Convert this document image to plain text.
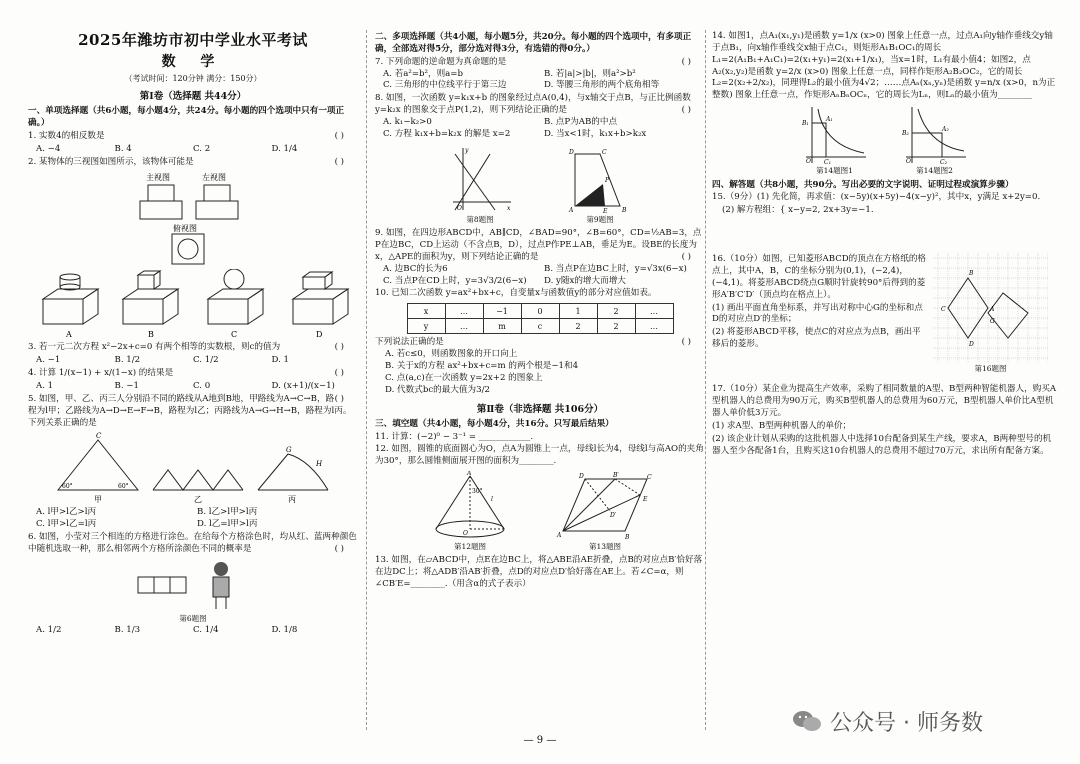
2025年潍坊市初中学业水平考试
数 学
（考试时间：120分钟 满分：150分）
第Ⅰ卷（选择题 共44分）
一、单项选择题（共6小题，每小题4分，共24分。每小题的四个选项中只有一项正确。）
( )
1. 实数4的相反数是
A. −4	B. 4	C. 2	D. 1/4
( )
2. 某物体的三视图如图所示，该物体可能是
主视图	左视图
俯视图
A	B	C	D
( )
3. 若一元二次方程 x²−2x+c=0 有两个相等的实数根，则c的值为
A. −1	B. 1/2	C. 1/2	D. 1
( )
4. 计算 1/(x−1) + x/(1−x) 的结果是
A. 1	B. −1	C. 0	D. (x+1)/(x−1)
( )
5. 如图，甲、乙、丙三人分别沿不同的路线从A地到B地，甲路线为A→C→B，路程为l甲；乙路线为A→D→E→F→B，路程为l乙；丙路线为A→G→H→B，路程为l丙。下列关系正确的是
C
G
H
60°	60°
甲	乙	丙
A. l甲>l乙>l丙	B. l乙>l甲>l丙
C. l甲>l乙=l丙	D. l乙=l甲>l丙
6. 如图，小莹对三个相连的方格进行涂色。在给每个方格涂色时，均从红、蓝两种颜色中随机选取一种，那么相邻两个方格所涂颜色不同的概率是	( )
第6题图
A. 1/2	B. 1/3	C. 1/4	D. 1/8
二、多项选择题（共4小题，每小题5分，共20分。每小题的四个选项中，有多项正确，全部选对得5分，部分选对得3分，有选错的得0分。）
( )
7. 下列命题的逆命题为真命题的是
A. 若a²=b²，则a=b	B. 若|a|>|b|，则a²>b²
C. 三角形的中位线平行于第三边	D. 等腰三角形的两个底角相等
8. 如图，一次函数 y=k₁x+b 的图象经过点A(0,4)，与x轴交于点B，与正比例函数 y=k₂x 的图象交于点P(1,2)，则下列结论正确的是	( )
A. k₁−k₂>0	B. 点P为AB的中点
C. 方程 k₁x+b=k₂x 的解是 x=2	D. 当x<1时，k₁x+b>k₂x
O	x
y
第8题图
D	C
A	B
P
E
第9题图
9. 如图，在四边形ABCD中，AB∥CD，∠BAD=90°，∠B=60°，CD=½AB=3，点P在边BC，CD上运动（不含点B，D），过点P作PE⊥AB，垂足为E。设BE的长度为x，△APE的面积为y，则下列结论正确的是	( )
A. 边BC的长为6	B. 当点P在边BC上时，y=√3x(6−x)
C. 当点P在CD上时，y=3√3/2(6−x)	D. y随x的增大而增大
10. 已知二次函数 y=ax²+bx+c，自变量x与函数值y的部分对应值如表。
x	…	−1	0	1	2	…
y	…	m	c	2	2	…
( )
下列说法正确的是
A. 若c≤0，则函数图象的开口向上
B. 关于x的方程 ax²+bx+c=m 的两个根是−1和4
C. 点(a,c)在一次函数 y=2x+2 的图象上
D. 代数式bc的最大值为3/2
第Ⅱ卷（非选择题 共106分）
三、填空题（共4小题，每小题4分，共16分。只写最后结果）
11. 计算：(−2)⁰ − 3⁻¹ = ____________.
12. 如图，圆锥的底面圆心为O，点A为圆锥上一点，母线l长为4，母线l与高AO的夹角为30°，那么圆锥侧面展开图的面积为________.
30°
A
O
l
第12题图
A	B
C
D	B′
E
D′
第13题图
13. 如图，在▱ABCD中，点E在边BC上，将△ABE沿AE折叠，点B的对应点B′恰好落在边DC上；将△ADB′沿AB′折叠，点D的对应点D′恰好落在AE上。若∠C=α，则∠CB′E=________.（用含α的式子表示）
14. 如图1，点A₁(x₁,y₁)是函数 y=1/x (x>0) 图象上任意一点，过点A₁向y轴作垂线交y轴于点B₁，向x轴作垂线交x轴于点C₁，则矩形A₁B₁OC₁的周长 L₁=2(A₁B₁+A₁C₁)=2(x₁+y₁)=2(x₁+1/x₁)，当x=1时，L₁有最小值4；如图2，点A₂(x₂,y₂)是函数 y=2/x (x>0) 图象上任意一点，同样作矩形A₂B₂OC₂，它的周长 L₂=2(x₂+2/x₂)，同理得L₂的最小值为4√2；……点Aₙ(xₙ,yₙ)是函数 y=n/x (x>0，n为正整数) 图象上任意一点，作矩形AₙBₙOCₙ，它的周长为Lₙ，则Lₙ的最小值为________
O
A₁
B₁
C₁
第14题图1
O
A₂
B₂
C₂
第14题图2
四、解答题（共8小题，共90分。写出必要的文字说明、证明过程或演算步骤）
15.（9分）(1) 先化简，再求值：(x−5y)(x+5y)−4(x−y)²，其中x，y满足 x+2y=0.
(2) 解方程组：{ x−y=2, 2x+3y=−1.
16.（10分）如图，已知菱形ABCD的顶点在方格纸的格点上，其中A，B，C的坐标分别为(0,1)，(−2,4)，(−4,1)。将菱形ABCD绕点G顺时针旋转90°后得到的菱形A′B′C′D′（顶点均在格点上）。
(1) 画出平面直角坐标系，并写出对称中心G的坐标和点D的对应点D′的坐标；
(2) 将菱形ABCD平移，使点C的对应点为点B，画出平移后的菱形。
B
C	A
D
G
第16题图
17.（10分）某企业为提高生产效率，采购了相同数量的A型、B型两种智能机器人，购买A型机器人的总费用为90万元，购买B型机器人的总费用为60万元，B型机器人单价比A型机器人单价低3万元。
(1) 求A型、B型两种机器人的单价；
(2) 该企业计划从采购的这批机器人中选择10台配备到某生产线，要求A，B两种型号的机器人至少各配备1台，且购买这10台机器人的总费用不超过70万元，求出所有配备方案。
— 9 —
公众号 · 师务数
